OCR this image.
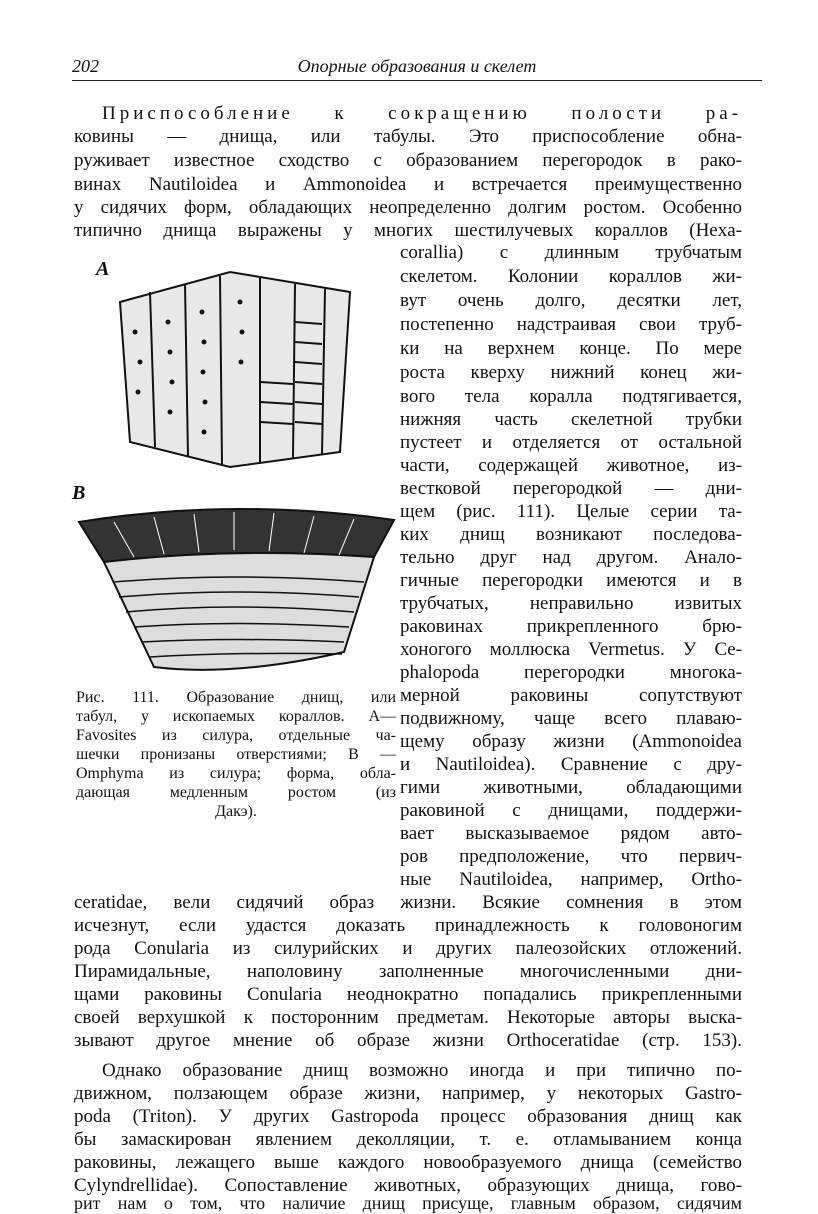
202	Опорные образования и скелет
Приспособление к сокращению полости ра-
ковины — днища, или табулы. Это приспособление обна-
руживает известное сходство с образованием перегородок в рако-
винах Nautiloidea и Ammonoidea и встречается преимущественно
у сидячих форм, обладающих неопределенно долгим ростом. Особенно
типично днища выражены у многих шестилучевых кораллов (Hexa-
A
B
Рис. 111. Образование днищ, или
табул, у ископаемых кораллов. A—
Favosites из силура, отдельные ча-
шечки пронизаны отверстиями; B —
Omphyma из силура; форма, обла-
дающая медленным ростом (из
Дакэ).
corallia) с длинным трубчатым
скелетом. Колонии кораллов жи-
вут очень долго, десятки лет,
постепенно надстраивая свои труб-
ки на верхнем конце. По мере
роста кверху нижний конец жи-
вого тела коралла подтягивается,
нижняя часть скелетной трубки
пустеет и отделяется от остальной
части, содержащей животное, из-
вестковой перегородкой — дни-
щем (рис. 111). Целые серии та-
ких днищ возникают последова-
тельно друг над другом. Анало-
гичные перегородки имеются и в
трубчатых, неправильно извитых
раковинах прикрепленного брю-
хоногого моллюска Vermetus. У Ce-
phalopoda перегородки многока-
мерной раковины сопутствуют
подвижному, чаще всего плаваю-
щему образу жизни (Ammonoidea
и Nautiloidea). Сравнение с дру-
гими животными, обладающими
раковиной с днищами, поддержи-
вает высказываемое рядом авто-
ров предположение, что первич-
ные Nautiloidea, например, Ortho-
ceratidae, вели сидячий образ жизни. Всякие сомнения в этом
исчезнут, если удастся доказать принадлежность к головоногим
рода Conularia из силурийских и других палеозойских отложений.
Пирамидальные, наполовину заполненные многочисленными дни-
щами раковины Conularia неоднократно попадались прикрепленными
своей верхушкой к посторонним предметам. Некоторые авторы выска-
зывают другое мнение об образе жизни Orthoceratidae (стр. 153).
Однако образование днищ возможно иногда и при типично по-
движном, ползающем образе жизни, например, у некоторых Gastro-
poda (Triton). У других Gastropoda процесс образования днищ как
бы замаскирован явлением деколляции, т. е. отламыванием конца
раковины, лежащего выше каждого новообразуемого днища (семейство
Cylyndrellidae). Сопоставление животных, образующих днища, гово-
рит нам о том, что наличие днищ присуще, главным образом, сидячим
